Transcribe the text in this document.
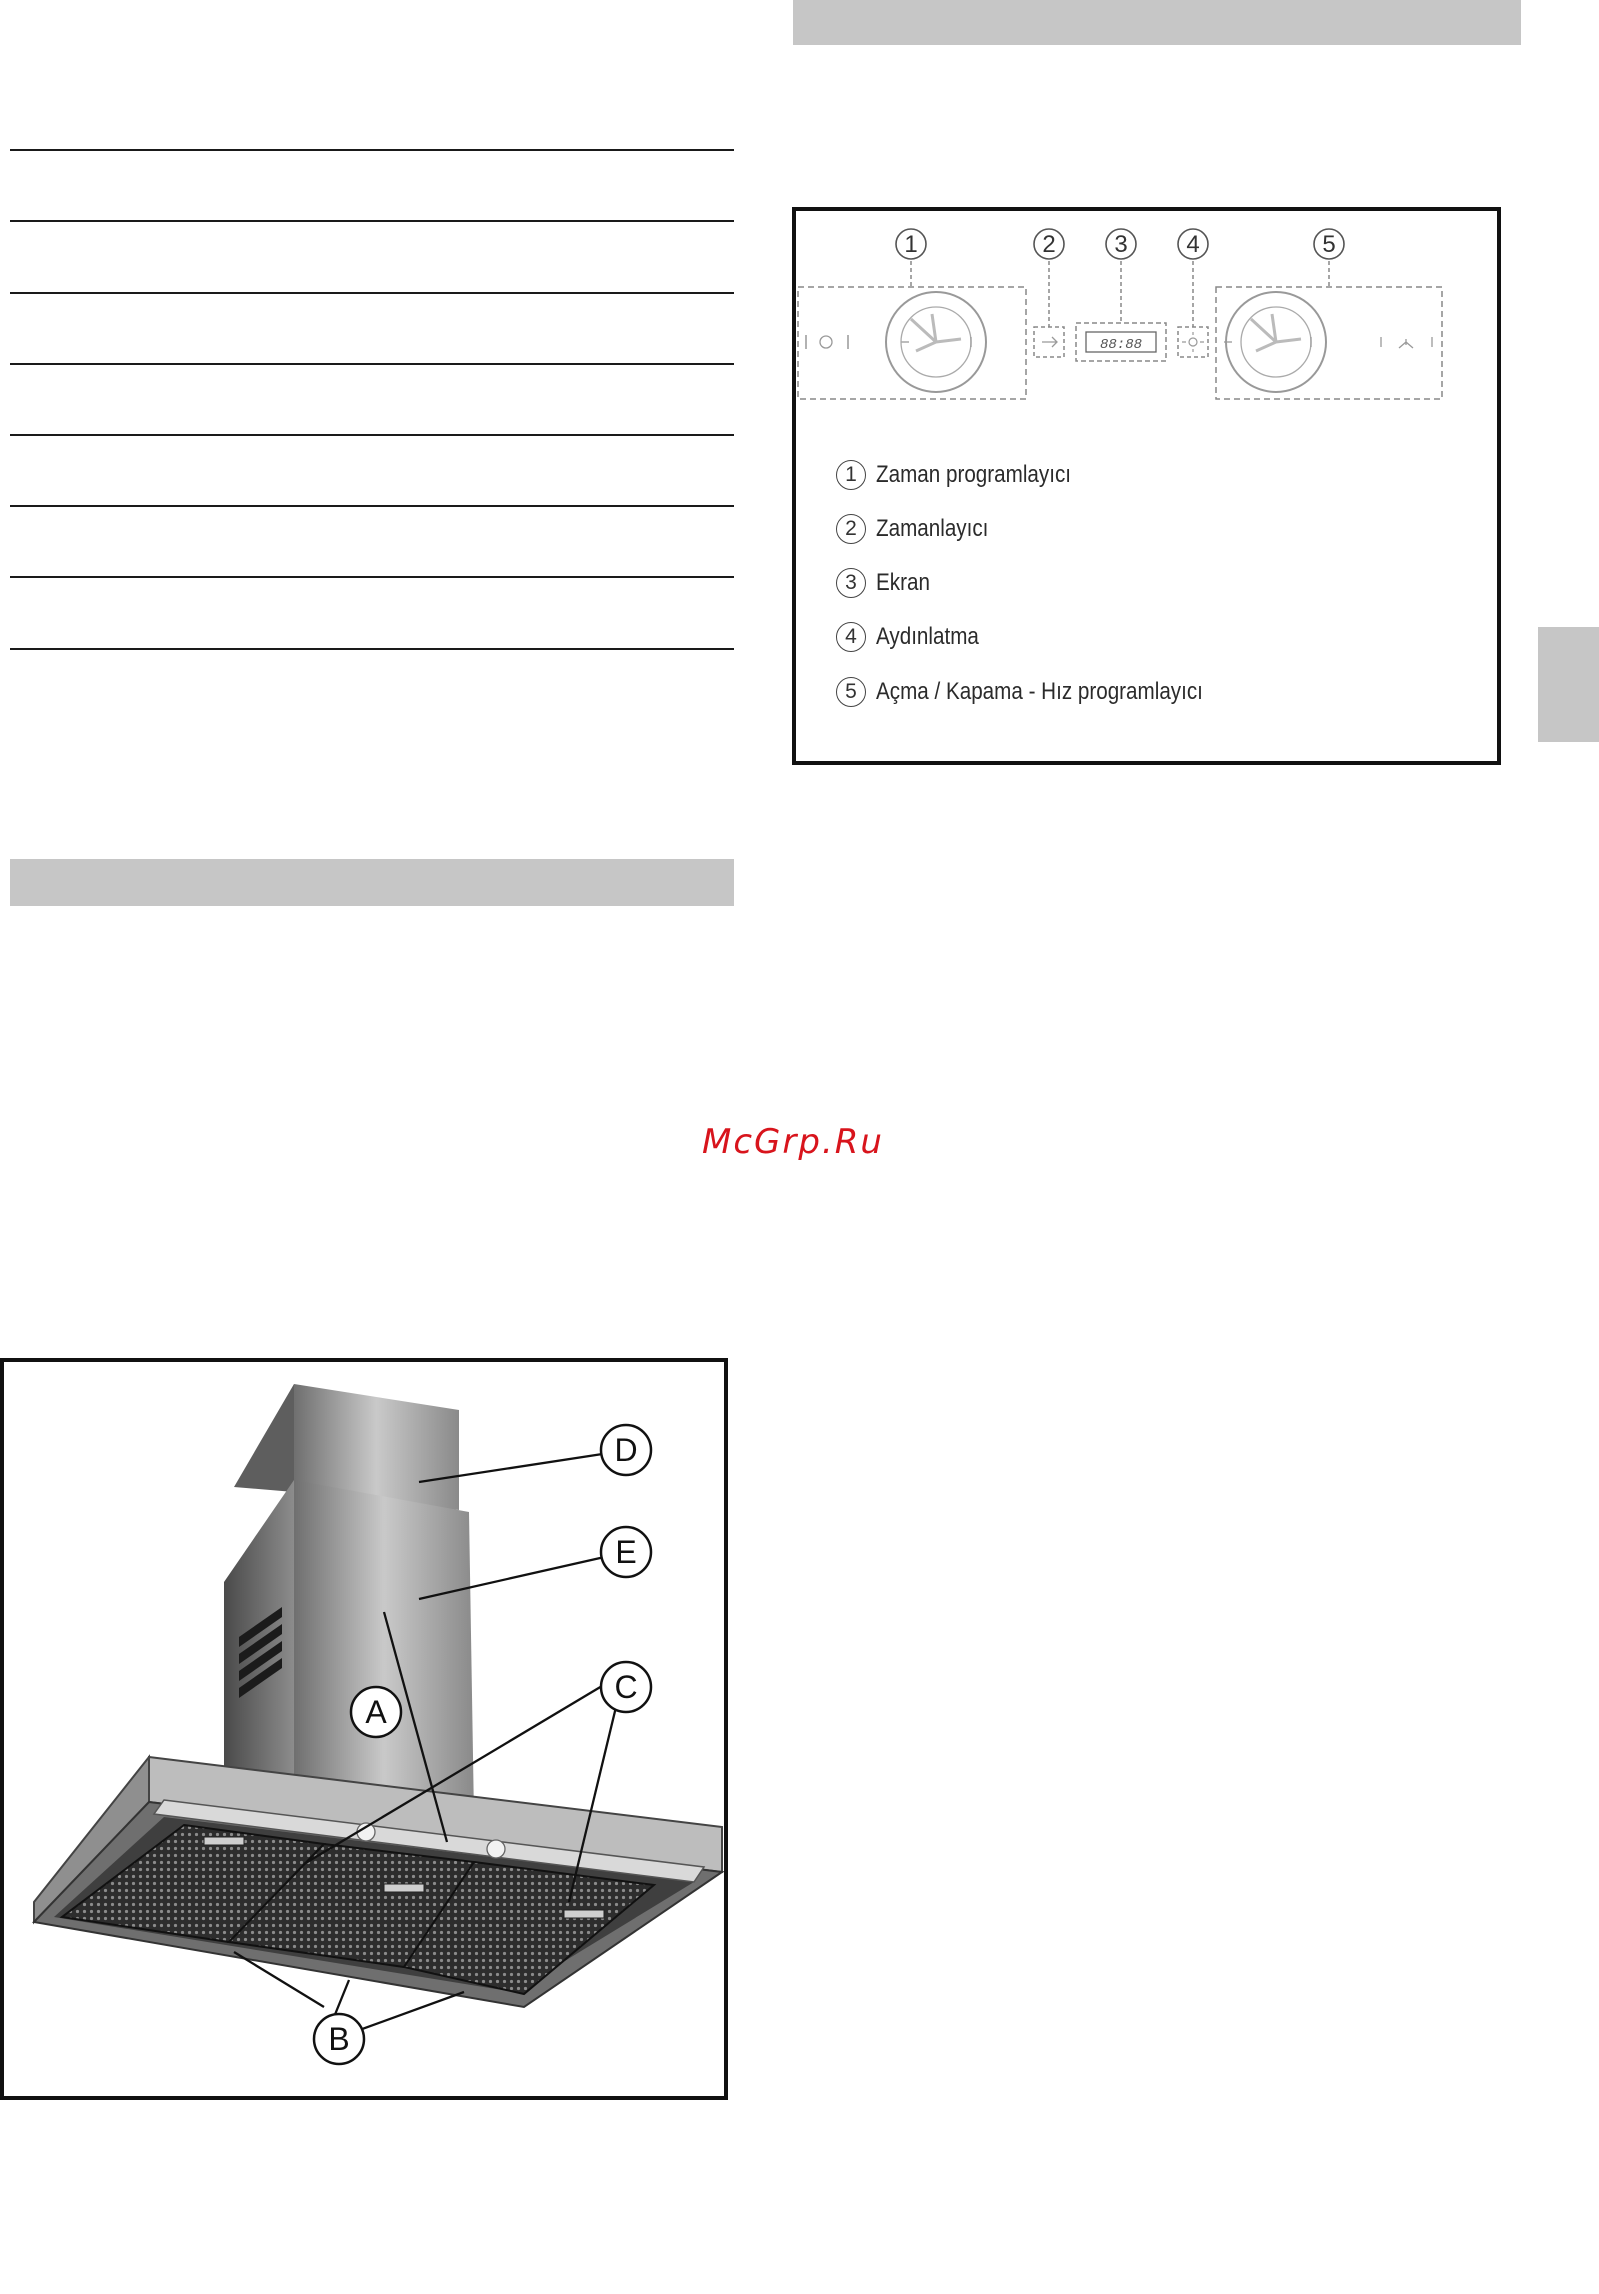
1	2 3 4	5
88:88
1 Zaman programlayıcı
2 Zamanlayıcı
3 Ekran
4 Aydınlatma
5 Açma / Kapama - Hız programlayıcı
McGrp.Ru
D
E
C
A
B
